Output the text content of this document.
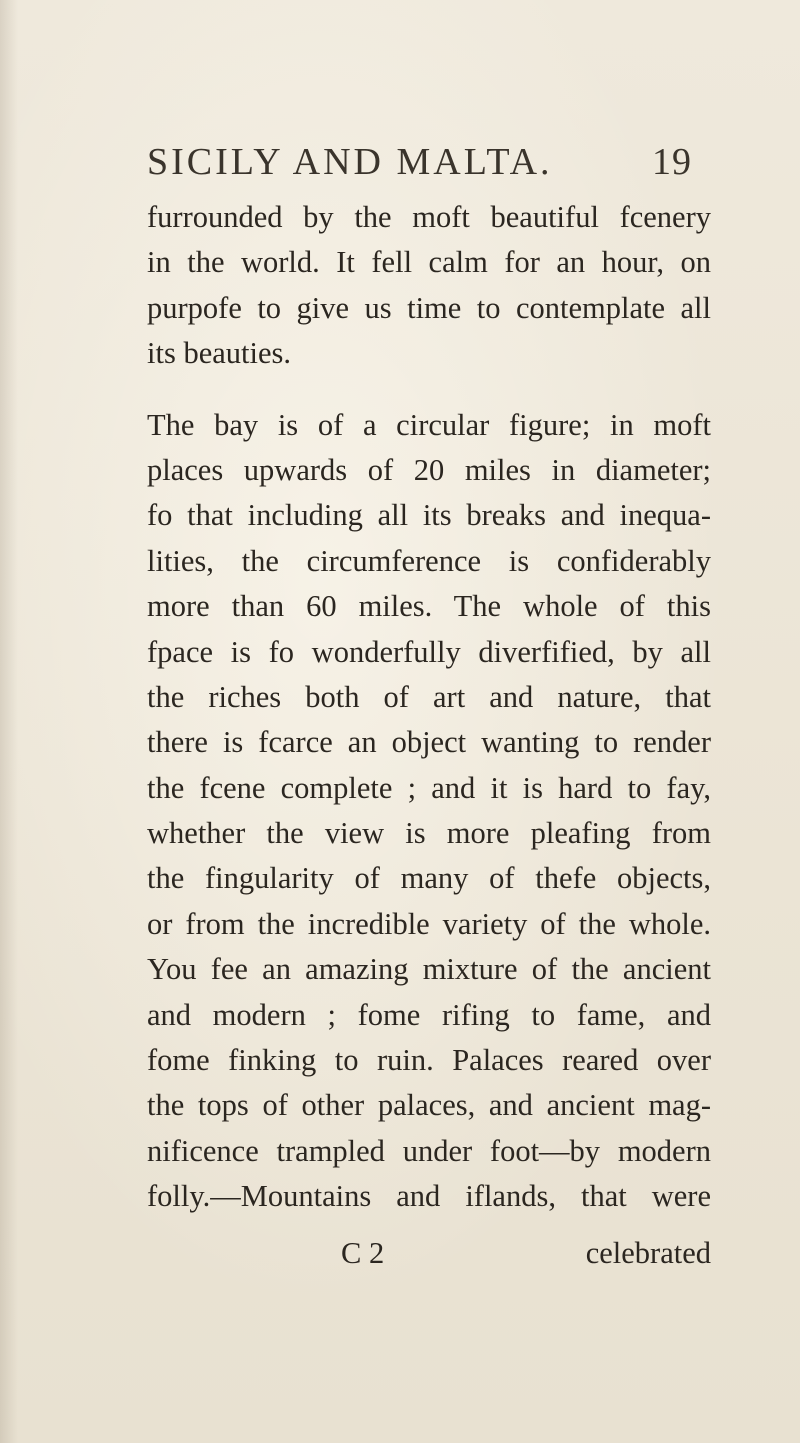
SICILY AND MALTA.	19
furrounded by the moft beautiful fcenery
in the world. It fell calm for an hour, on
purpofe to give us time to contemplate all
its beauties.
The bay is of a circular figure; in moft
places upwards of 20 miles in diameter;
fo that including all its breaks and inequa-
lities, the circumference is confiderably
more than 60 miles. The whole of this
fpace is fo wonderfully diverfified, by all
the riches both of art and nature, that
there is fcarce an object wanting to render
the fcene complete ; and it is hard to fay,
whether the view is more pleafing from
the fingularity of many of thefe objects,
or from the incredible variety of the whole.
You fee an amazing mixture of the ancient
and modern ; fome rifing to fame, and
fome finking to ruin. Palaces reared over
the tops of other palaces, and ancient mag-
nificence trampled under foot—by modern
folly.—Mountains and iflands, that were
C 2	celebrated
